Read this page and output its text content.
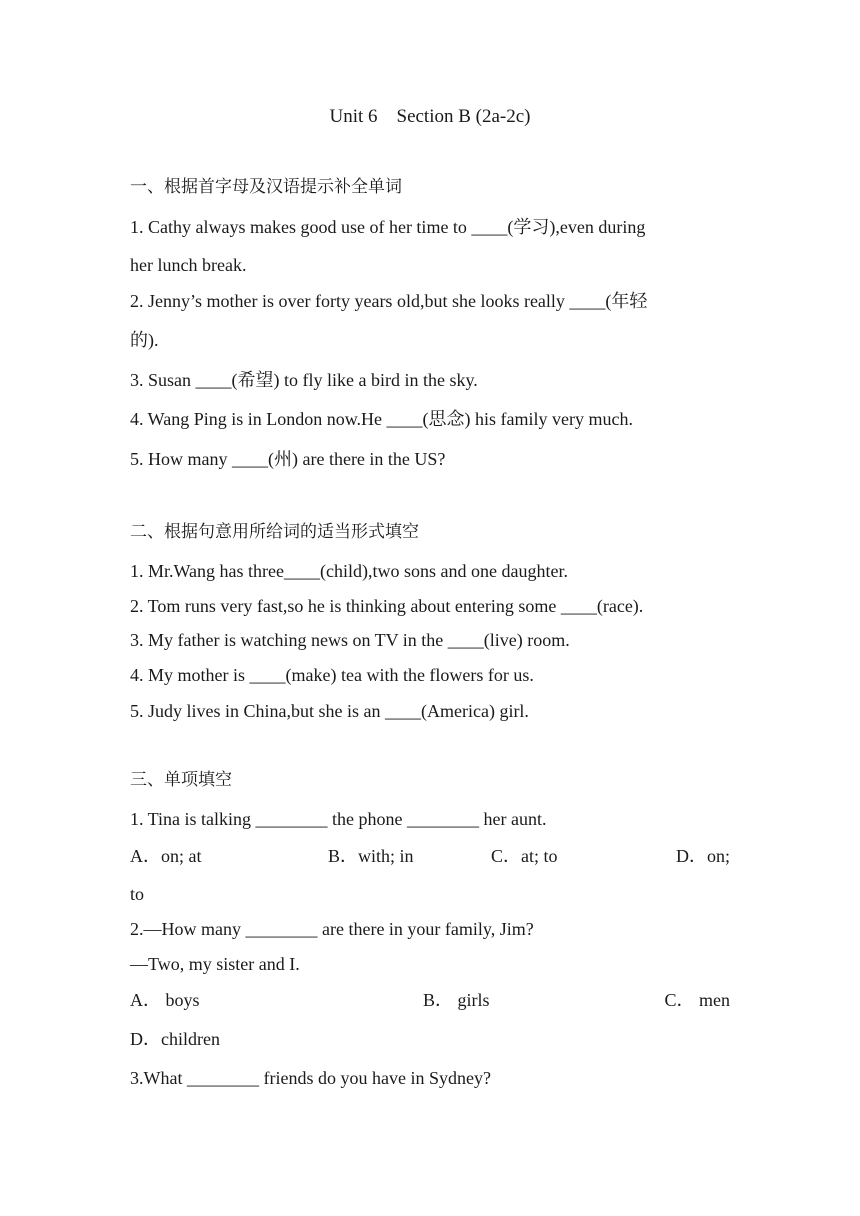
Unit 6    Section B (2a-2c)
一、根据首字母及汉语提示补全单词
1. Cathy always makes good use of her time to ____(学习),even during
her lunch break.
2. Jenny’s mother is over forty years old,but she looks really ____(年轻
的).
3. Susan ____(希望) to fly like a bird in the sky.
4. Wang Ping is in London now.He ____(思念) his family very much.
5. How many ____(州) are there in the US?
二、根据句意用所给词的适当形式填空
1. Mr.Wang has three____(child),two sons and one daughter.
2. Tom runs very fast,so he is thinking about entering some ____(race).
3. My father is watching news on TV in the ____(live) room.
4. My mother is ____(make) tea with the flowers for us.
5. Judy lives in China,but she is an ____(America) girl.
三、单项填空
1. Tina is talking ________ the phone ________ her aunt.
A．on; at	B．with; in	C．at; to	D．on;
to
2.—How many ________ are there in your family, Jim?
—Two, my sister and I.
A． boys	B． girls	C． men
D．children
3.What ________ friends do you have in Sydney?
